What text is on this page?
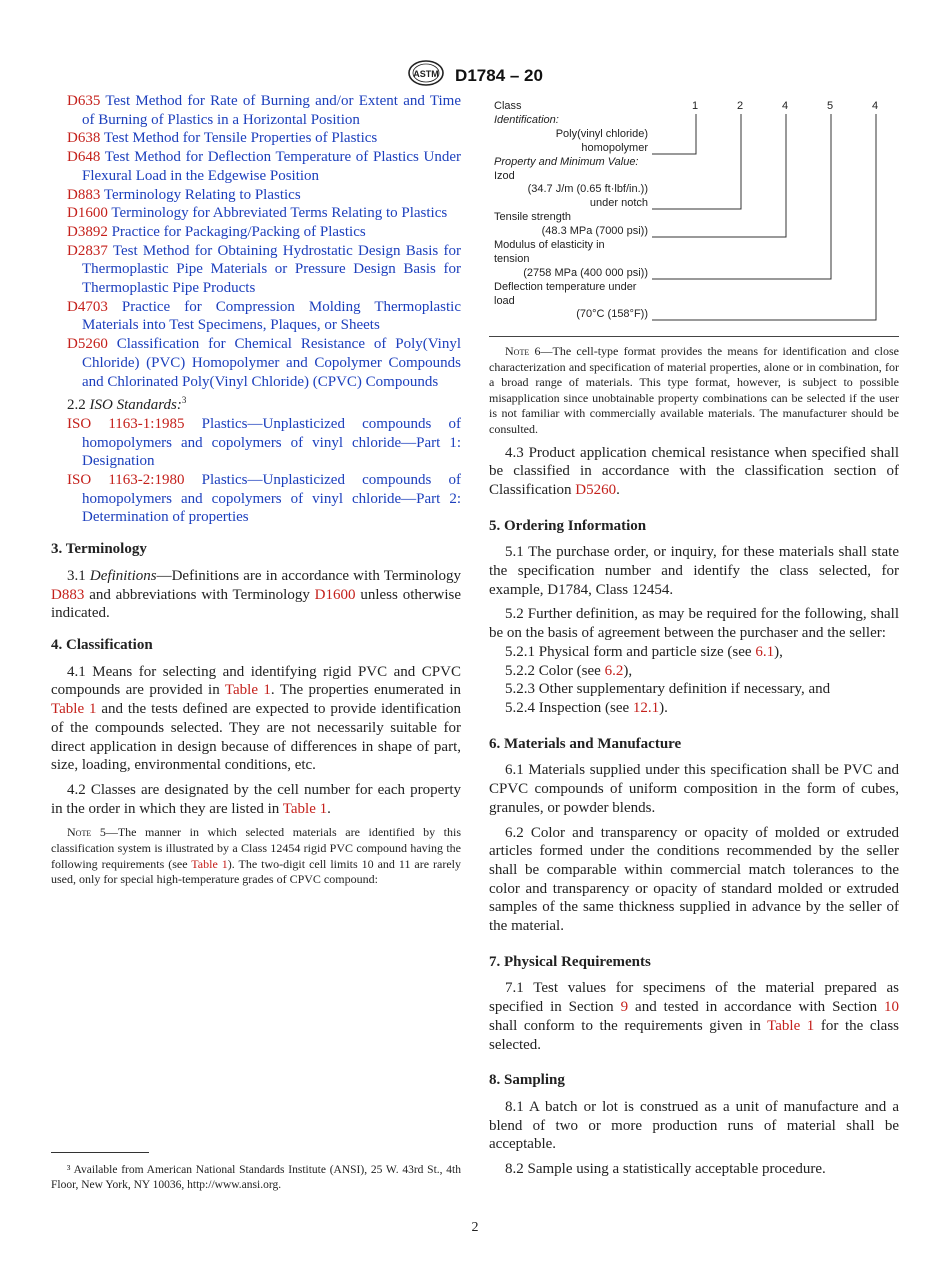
ASTM D1784 – 20

D635 Test Method for Rate of Burning and/or Extent and Time of Burning of Plastics in a Horizontal Position

D638 Test Method for Tensile Properties of Plastics

D648 Test Method for Deflection Temperature of Plastics Under Flexural Load in the Edgewise Position

D883 Terminology Relating to Plastics

D1600 Terminology for Abbreviated Terms Relating to Plastics

D3892 Practice for Packaging/Packing of Plastics

D2837 Test Method for Obtaining Hydrostatic Design Basis for Thermoplastic Pipe Materials or Pressure Design Basis for Thermoplastic Pipe Products

D4703 Practice for Compression Molding Thermoplastic Materials into Test Specimens, Plaques, or Sheets

D5260 Classification for Chemical Resistance of Poly(Vinyl Chloride) (PVC) Homopolymer and Copolymer Compounds and Chlorinated Poly(Vinyl Chloride) (CPVC) Compounds

2.2 ISO Standards:$^3$

ISO 1163-1:1985 Plastics—Unplasticized compounds of homopolymers and copolymers of vinyl chloride—Part 1: Designation

ISO 1163-2:1980 Plastics—Unplasticized compounds of homopolymers and copolymers of vinyl chloride—Part 2: Determination of properties

3. Terminology

3.1 Definitions—Definitions are in accordance with Terminology D883 and abbreviations with Terminology D1600 unless otherwise indicated.

4. Classification

4.1 Means for selecting and identifying rigid PVC and CPVC compounds are provided in Table 1. The properties enumerated in Table 1 and the tests defined are expected to provide identification of the compounds selected. They are not necessarily suitable for direct application in design because of differences in shape of part, size, loading, environmental conditions, etc.

4.2 Classes are designated by the cell number for each property in the order in which they are listed in Table 1.

Note 5—The manner in which selected materials are identified by this classification system is illustrated by a Class 12454 rigid PVC compound having the following requirements (see Table 1). The two-digit cell limits 10 and 11 are rarely used, only for special high-temperature grades of CPVC compound:

³ Available from American National Standards Institute (ANSI), 25 W. 43rd St., 4th Floor, New York, NY 10036, http://www.ansi.org.
Class	1	2	4	5	4
Identification:
Poly(vinyl chloride)
homopolymer
Property and Minimum Value:
Izod
(34.7 J/m (0.65 ft·lbf/in.))
under notch
Tensile strength
(48.3 MPa (7000 psi))
Modulus of elasticity in
tension
(2758 MPa (400 000 psi))
Deflection temperature under
load
(70°C (158°F))

Note 6—The cell-type format provides the means for identification and close characterization and specification of material properties, alone or in combination, for a broad range of materials. This type format, however, is subject to possible misapplication since unobtainable property combinations can be selected if the user is not familiar with commercially available materials. The manufacturer should be consulted.

4.3 Product application chemical resistance when specified shall be classified in accordance with the classification section of Classification D5260.

5. Ordering Information

5.1 The purchase order, or inquiry, for these materials shall state the specification number and identify the class selected, for example, D1784, Class 12454.

5.2 Further definition, as may be required for the following, shall be on the basis of agreement between the purchaser and the seller:

5.2.1 Physical form and particle size (see 6.1),

5.2.2 Color (see 6.2),

5.2.3 Other supplementary definition if necessary, and

5.2.4 Inspection (see 12.1).

6. Materials and Manufacture

6.1 Materials supplied under this specification shall be PVC and CPVC compounds of uniform composition in the form of cubes, granules, or powder blends.

6.2 Color and transparency or opacity of molded or extruded articles formed under the conditions recommended by the seller shall be comparable within commercial match tolerances to the color and transparency or opacity of standard molded or extruded samples of the same thickness supplied in advance by the seller of the material.

7. Physical Requirements

7.1 Test values for specimens of the material prepared as specified in Section 9 and tested in accordance with Section 10 shall conform to the requirements given in Table 1 for the class selected.

8. Sampling

8.1 A batch or lot is construed as a unit of manufacture and a blend of two or more production runs of material shall be acceptable.

8.2 Sample using a statistically acceptable procedure.

2
